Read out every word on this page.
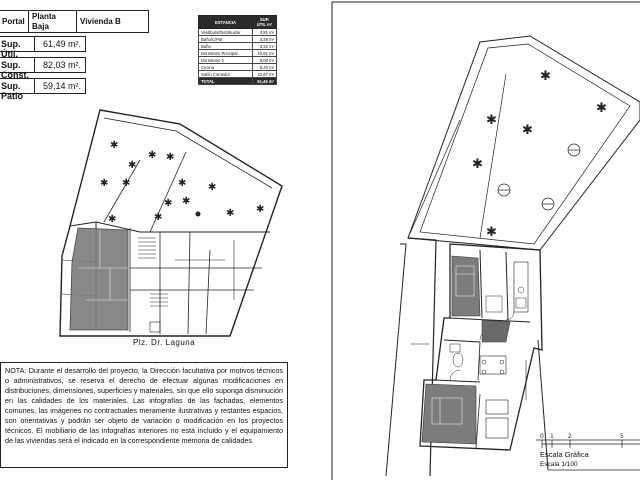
Portal	Planta Baja	Vivienda B
Sup. Útil.
61,49 m².
Sup. Const.
82,03 m².
Sup. Patio
59,14 m².
ESTANCIA	SUP. ÚTIL m²
Vestíbulo/Distribuidor	3,81 m²
Baño/C/Pat	3,38 m²
Baño	3,32 m²
Dormitorio Principal	10,61 m²
Dormitorio 2	8,00 m²
Cocina	8,20 m²
Salón Comedor	22,67 m²
TOTAL	61,49 m²
✱
✱
✱ ✱
✱ ✱	✱ ✱
✱ ✱
✱	✱	✱ ✱
Plz. Dr. Laguna
NOTA: Durante el desarrollo del proyecto, la Dirección facultativa por motivos técnicos o administrativos, se reserva el derecho de efectuar algunas modificaciones en distribuciones, dimensiones, superficies y materiales, sin que ello suponga disminución en las calidades de los materiales. Las infografías de las fachadas, elementos comunes, las imágenes no contractuales meramente ilustrativas y restantes espacios, son orientativas y podrán ser objeto de variación o modificación en los proyectos técnicos. El mobiliario de las infografías interiores no está incluido y el equipamiento de las viviendas será el indicado en la correspondiente memoria de calidades.
✱
✱
✱
✱
✱
✱
0 1 2	5
Escala Gráfica
Escala 1/100
